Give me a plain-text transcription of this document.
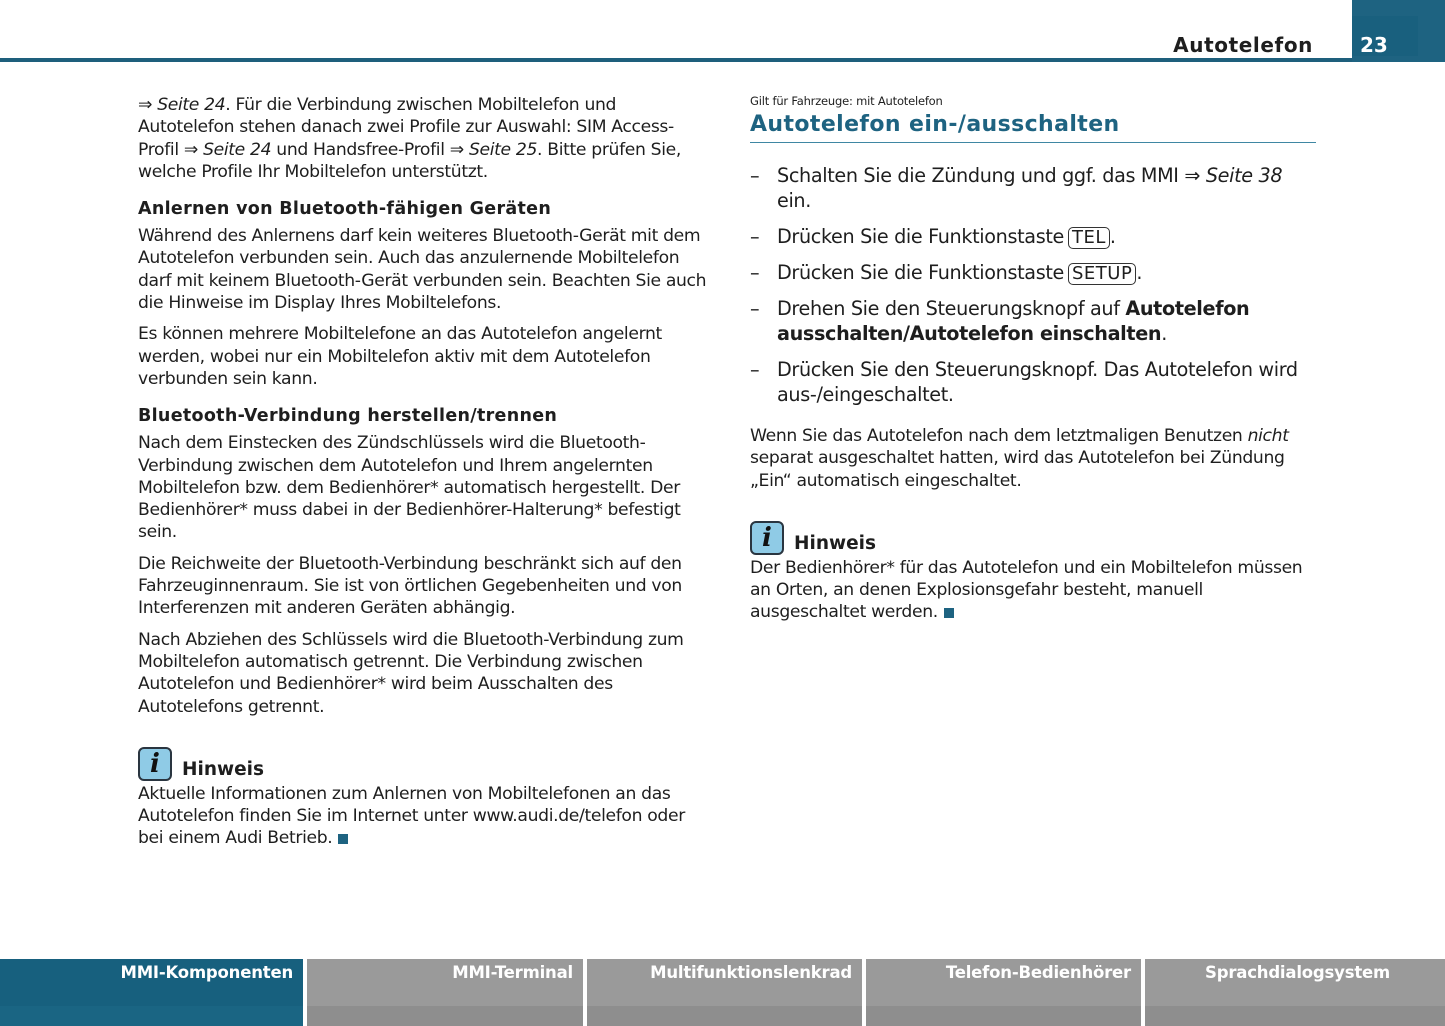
Autotelefon 23

⇒ Seite 24. Für die Verbindung zwischen Mobiltelefon und Autotelefon stehen danach zwei Profile zur Auswahl: SIM Access-Profil ⇒ Seite 24 und Handsfree-Profil ⇒ Seite 25. Bitte prüfen Sie, welche Profile Ihr Mobiltelefon unterstützt.

Anlernen von Bluetooth-fähigen Geräten

Während des Anlernens darf kein weiteres Bluetooth-Gerät mit dem Autotelefon verbunden sein. Auch das anzulernende Mobiltelefon darf mit keinem Bluetooth-Gerät verbunden sein. Beachten Sie auch die Hinweise im Display Ihres Mobiltelefons.

Es können mehrere Mobiltelefone an das Autotelefon angelernt werden, wobei nur ein Mobiltelefon aktiv mit dem Autotelefon verbunden sein kann.

Bluetooth-Verbindung herstellen/trennen

Nach dem Einstecken des Zündschlüssels wird die Bluetooth-Verbindung zwischen dem Autotelefon und Ihrem angelernten Mobiltelefon bzw. dem Bedienhörer* automatisch hergestellt. Der Bedienhörer* muss dabei in der Bedienhörer-Halterung* befestigt sein.

Die Reichweite der Bluetooth-Verbindung beschränkt sich auf den Fahrzeuginnenraum. Sie ist von örtlichen Gegebenheiten und von Interferenzen mit anderen Geräten abhängig.

Nach Abziehen des Schlüssels wird die Bluetooth-Verbindung zum Mobiltelefon automatisch getrennt. Die Verbindung zwischen Autotelefon und Bedienhörer* wird beim Ausschalten des Autotelefons getrennt.

i	Hinweis

Aktuelle Informationen zum Anlernen von Mobiltelefonen an das Autotelefon finden Sie im Internet unter www.audi.de/telefon oder bei einem Audi Betrieb.

Gilt für Fahrzeuge: mit Autotelefon
Autotelefon ein-/ausschalten
– Schalten Sie die Zündung und ggf. das MMI ⇒ Seite 38 ein.
– Drücken Sie die Funktionstaste TEL .
– Drücken Sie die Funktionstaste SETUP .
– Drehen Sie den Steuerungsknopf auf Autotelefon ausschalten/Autotelefon einschalten.
– Drücken Sie den Steuerungsknopf. Das Autotelefon wird aus-/eingeschaltet.

Wenn Sie das Autotelefon nach dem letztmaligen Benutzen nicht separat ausgeschaltet hatten, wird das Autotelefon bei Zündung „Ein“ automatisch eingeschaltet.

i	Hinweis

Der Bedienhörer* für das Autotelefon und ein Mobiltelefon müssen an Orten, an denen Explosionsgefahr besteht, manuell ausgeschaltet werden.

MMI-Komponenten	MMI-Terminal	Multifunktionslenkrad	Telefon-Bedienhörer	Sprachdialogsystem
